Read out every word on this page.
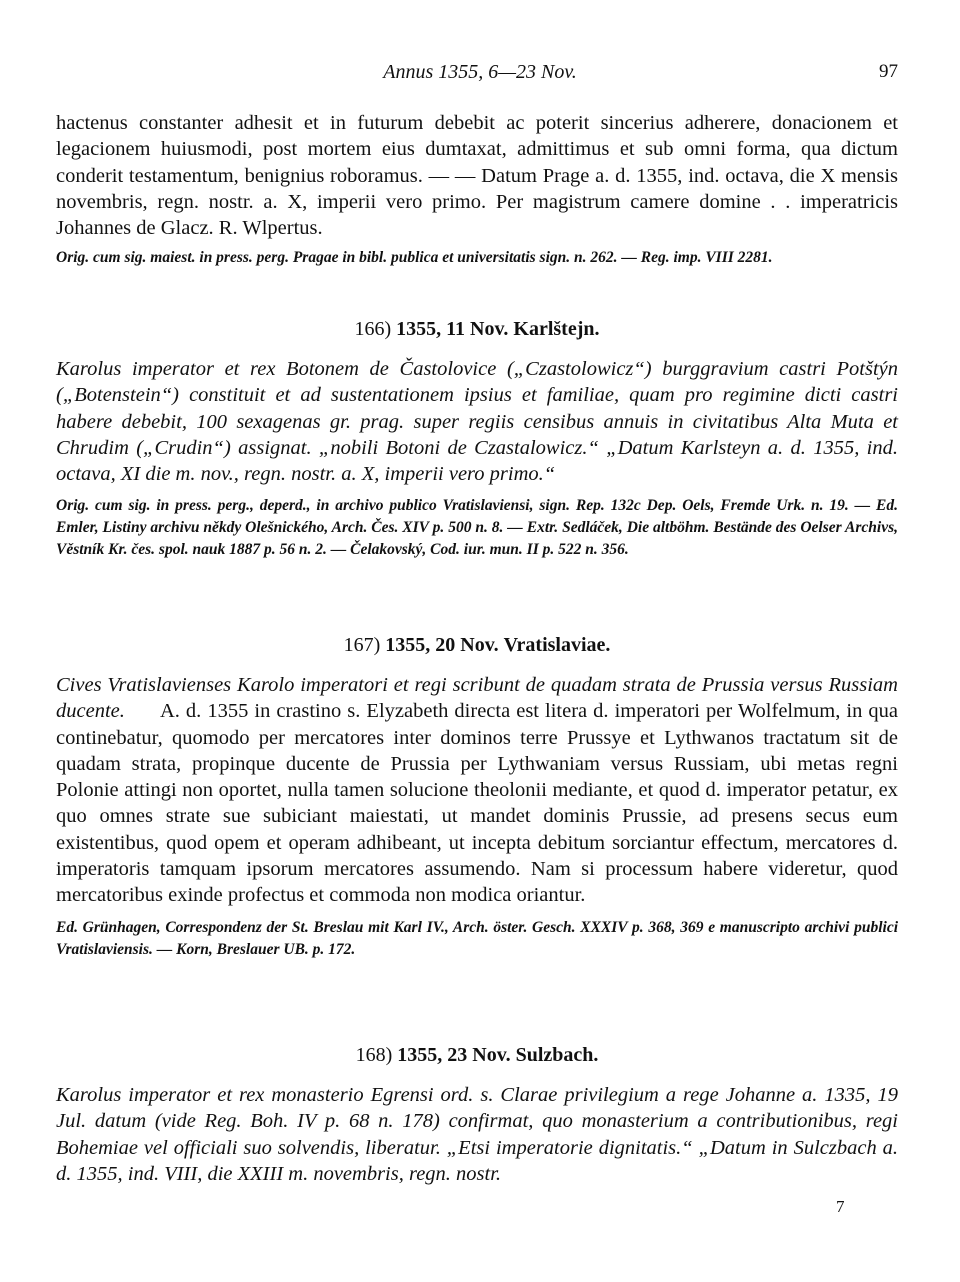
Annus 1355, 6—23 Nov.	97

hactenus constanter adhesit et in futurum debebit ac poterit sincerius adherere, donacionem et legacionem huiusmodi, post mortem eius dumtaxat, admittimus et sub omni forma, qua dictum conderit testamentum, benignius roboramus. — — Datum Prage a. d. 1355, ind. octava, die X mensis novembris, regn. nostr. a. X, imperii vero primo. Per magistrum camere domine . . imperatricis Johannes de Glacz. R. Wlpertus.

Orig. cum sig. maiest. in press. perg. Pragae in bibl. publica et universitatis sign. n. 262. — Reg. imp. VIII 2281.

166) 1355, 11 Nov. Karlštejn.

Karolus imperator et rex Botonem de Častolovice („Czastolowicz“) burggravium castri Potštýn („Botenstein“) constituit et ad sustentationem ipsius et familiae, quam pro regimine dicti castri habere debebit, 100 sexagenas gr. prag. super regiis censibus annuis in civitatibus Alta Muta et Chrudim („Crudin“) assignat. „nobili Botoni de Czastalowicz.“ „Datum Karlsteyn a. d. 1355, ind. octava, XI die m. nov., regn. nostr. a. X, imperii vero primo.“

Orig. cum sig. in press. perg., deperd., in archivo publico Vratislaviensi, sign. Rep. 132c Dep. Oels, Fremde Urk. n. 19. — Ed. Emler, Listiny archivu někdy Olešnického, Arch. Čes. XIV p. 500 n. 8. — Extr. Sedláček, Die altböhm. Bestände des Oelser Archivs, Věstník Kr. čes. spol. nauk 1887 p. 56 n. 2. — Čelakovský, Cod. iur. mun. II p. 522 n. 356.

167) 1355, 20 Nov. Vratislaviae.

Cives Vratislavienses Karolo imperatori et regi scribunt de quadam strata de Prussia versus Russiam ducente. A. d. 1355 in crastino s. Elyzabeth directa est litera d. imperatori per Wolfelmum, in qua continebatur, quomodo per mercatores inter dominos terre Prussye et Lythwanos tractatum sit de quadam strata, propinque ducente de Prussia per Lythwaniam versus Russiam, ubi metas regni Polonie attingi non oportet, nulla tamen solucione theolonii mediante, et quod d. imperator petatur, ex quo omnes strate sue subiciant maiestati, ut mandet dominis Prussie, ad presens secus eum existentibus, quod opem et operam adhibeant, ut incepta debitum sorciantur effectum, mercatores d. imperatoris tamquam ipsorum mercatores assumendo. Nam si processum habere videretur, quod mercatoribus exinde profectus et commoda non modica oriantur.

Ed. Grünhagen, Correspondenz der St. Breslau mit Karl IV., Arch. öster. Gesch. XXXIV p. 368, 369 e manuscripto archivi publici Vratislaviensis. — Korn, Breslauer UB. p. 172.

168) 1355, 23 Nov. Sulzbach.

Karolus imperator et rex monasterio Egrensi ord. s. Clarae privilegium a rege Johanne a. 1335, 19 Jul. datum (vide Reg. Boh. IV p. 68 n. 178) confirmat, quo monasterium a contributionibus, regi Bohemiae vel officiali suo solvendis, liberatur. „Etsi imperatorie dignitatis.“ „Datum in Sulczbach a. d. 1355, ind. VIII, die XXIII m. novembris, regn. nostr.

7
